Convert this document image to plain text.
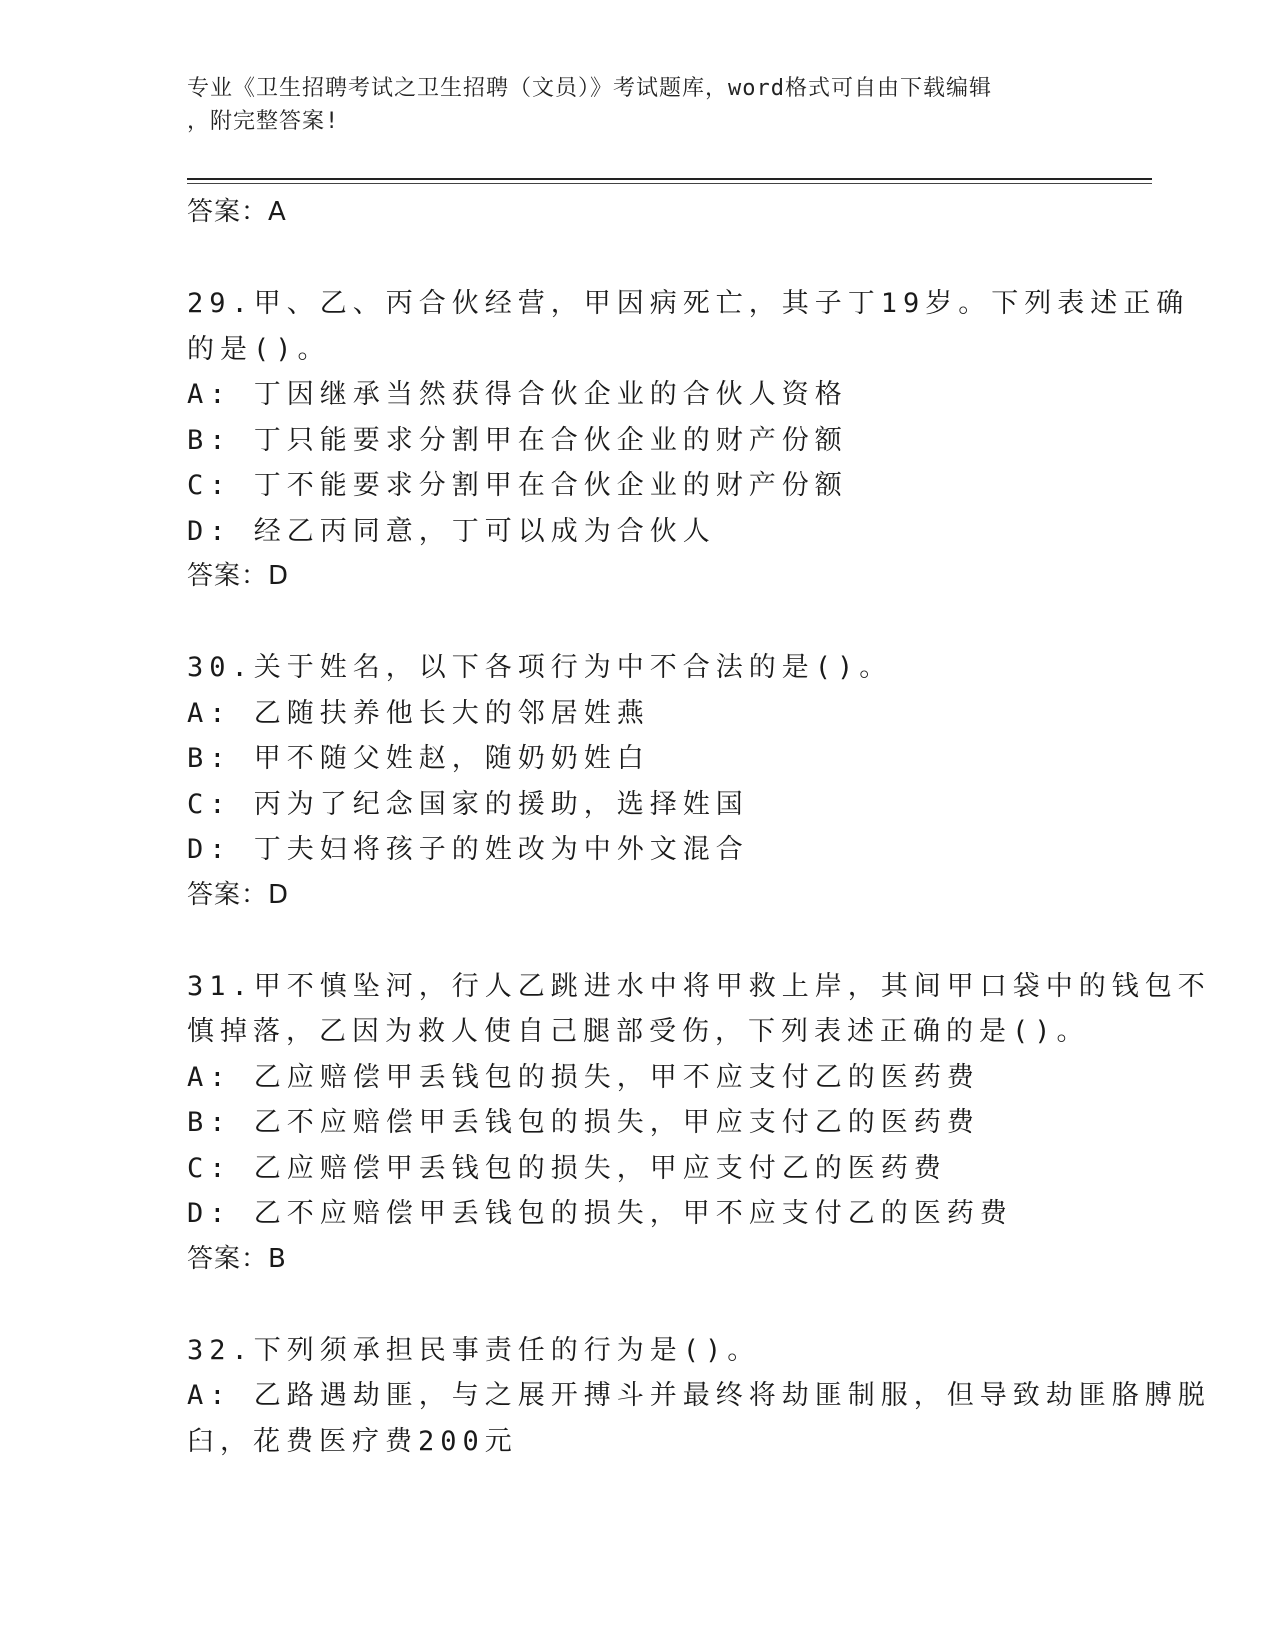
专业《卫生招聘考试之卫生招聘（文员）》考试题库，word格式可自由下载编辑
，附完整答案!
答案：A
29.甲、乙、丙合伙经营，甲因病死亡，其子丁19岁。下列表述正确
的是()。
A: 丁因继承当然获得合伙企业的合伙人资格
B: 丁只能要求分割甲在合伙企业的财产份额
C: 丁不能要求分割甲在合伙企业的财产份额
D: 经乙丙同意，丁可以成为合伙人
答案：D
30.关于姓名，以下各项行为中不合法的是()。
A: 乙随扶养他长大的邻居姓燕
B: 甲不随父姓赵，随奶奶姓白
C: 丙为了纪念国家的援助，选择姓国
D: 丁夫妇将孩子的姓改为中外文混合
答案：D
31.甲不慎坠河，行人乙跳进水中将甲救上岸，其间甲口袋中的钱包不
慎掉落，乙因为救人使自己腿部受伤，下列表述正确的是()。
A: 乙应赔偿甲丢钱包的损失，甲不应支付乙的医药费
B: 乙不应赔偿甲丢钱包的损失，甲应支付乙的医药费
C: 乙应赔偿甲丢钱包的损失，甲应支付乙的医药费
D: 乙不应赔偿甲丢钱包的损失，甲不应支付乙的医药费
答案：B
32.下列须承担民事责任的行为是()。
A: 乙路遇劫匪，与之展开搏斗并最终将劫匪制服，但导致劫匪胳膊脱
臼，花费医疗费200元
